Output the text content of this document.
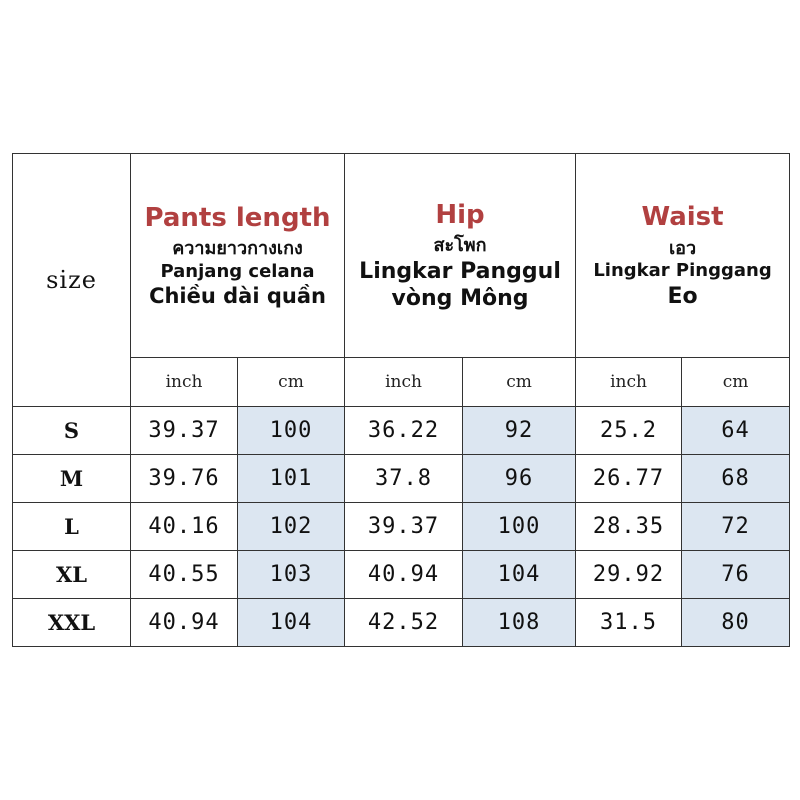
size	Pants length
ความยาวกางเกง
Panjang celana
Chiều dài quần		Hip
สะโพก
Lingkar Panggul
vòng Mông		Waist
เอว
Lingkar Pinggang
Eo	

	inch	cm	inch	cm	inch	cm
S	39.37	100	36.22	92	25.2	64
M	39.76	101	37.8	96	26.77	68
L	40.16	102	39.37	100	28.35	72
XL	40.55	103	40.94	104	29.92	76
XXL	40.94	104	42.52	108	31.5	80
